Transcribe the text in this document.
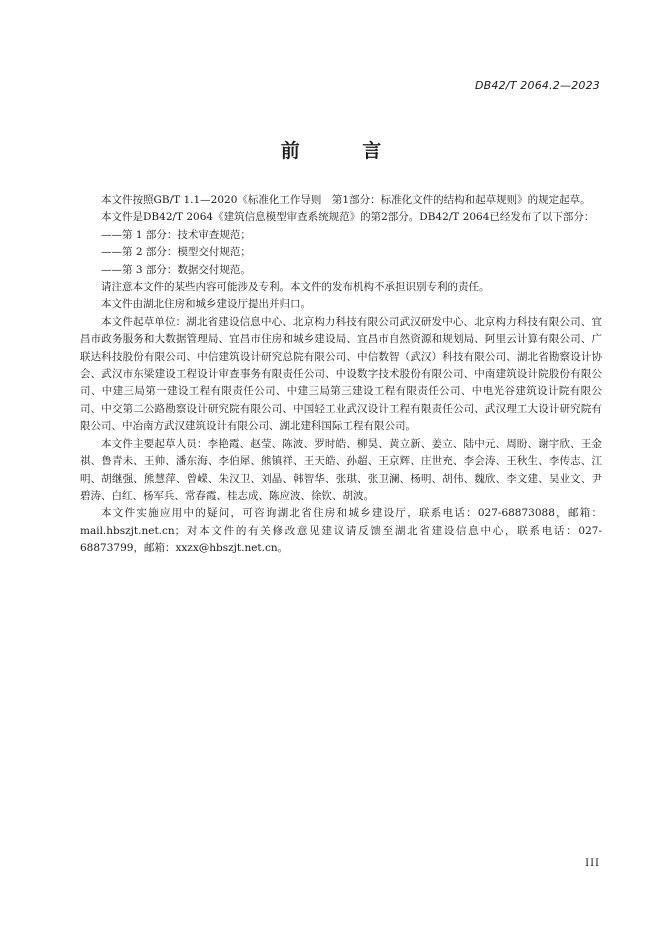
DB42/T 2064.2—2023
前 言

本文件按照GB/T 1.1—2020《标准化工作导则　第1部分：标准化文件的结构和起草规则》的规定起草。

本文件是DB42/T 2064《建筑信息模型审查系统规范》的第2部分。DB42/T 2064已经发布了以下部分：

——第 1 部分：技术审查规范；

——第 2 部分：模型交付规范；

——第 3 部分：数据交付规范。

请注意本文件的某些内容可能涉及专利。本文件的发布机构不承担识别专利的责任。

本文件由湖北住房和城乡建设厅提出并归口。

本文件起草单位：湖北省建设信息中心、北京构力科技有限公司武汉研发中心、北京构力科技有限公司、宜昌市政务服务和大数据管理局、宜昌市住房和城乡建设局、宜昌市自然资源和规划局、阿里云计算有限公司、广联达科技股份有限公司、中信建筑设计研究总院有限公司、中信数智（武汉）科技有限公司、湖北省勘察设计协会、武汉市东梁建设工程设计审查事务有限责任公司、中设数字技术股份有限公司、中南建筑设计院股份有限公司、中建三局第一建设工程有限责任公司、中建三局第三建设工程有限责任公司、中电光谷建筑设计院有限公司、中交第二公路勘察设计研究院有限公司、中国轻工业武汉设计工程有限责任公司、武汉理工大设计研究院有限公司、中冶南方武汉建筑设计有限公司、湖北建科国际工程有限公司。

本文件主要起草人员：李艳霞、赵莹、陈波、罗时皓、柳昊、黄立新、姜立、陆中元、周盼、谢宇欣、王金祺、鲁青未、王帅、潘东海、李伯犀、熊镇祥、王天皓、孙超、王京辉、庄世充、李会涛、王秋生、李传志、江明、胡继强、熊慧萍、曾嵘、朱汉卫、刘晶、韩智华、张琪、张卫澜、杨明、胡伟、魏欣、李文建、吴业文、尹碧涛、白红、杨军兵、常春霞、桂志成、陈应波、徐钦、胡波。

本文件实施应用中的疑问，可咨询湖北省住房和城乡建设厅，联系电话：027-68873088，邮箱：mail.hbszjt.net.cn；对本文件的有关修改意见建议请反馈至湖北省建设信息中心，联系电话：027-68873799，邮箱：xxzx@hbszjt.net.cn。

III
